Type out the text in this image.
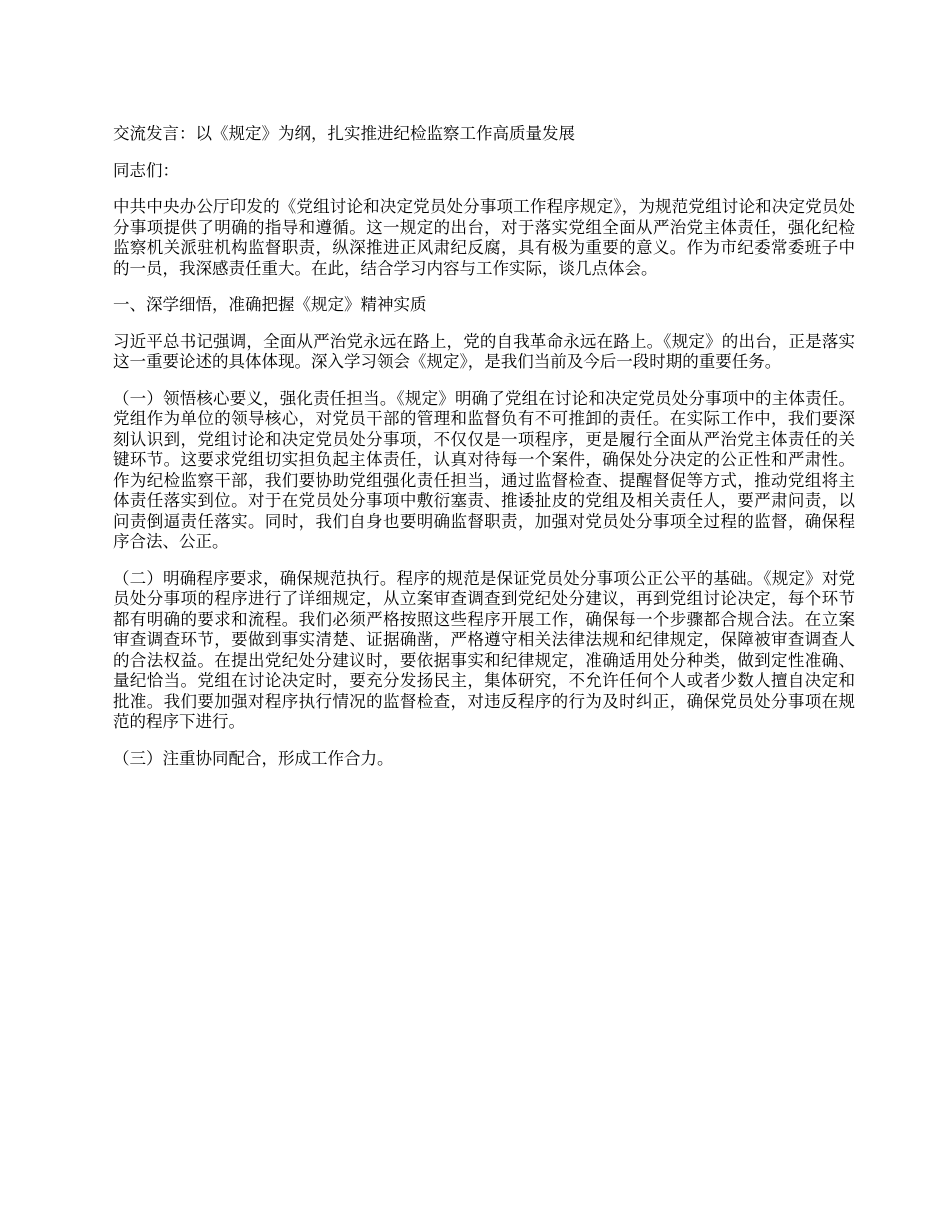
交流发言：以《规定》为纲，扎实推进纪检监察工作高质量发展

同志们：

中共中央办公厅印发的《党组讨论和决定党员处分事项工作程序规定》，为规范党组讨论和决定党员处分事项提供了明确的指导和遵循。这一规定的出台，对于落实党组全面从严治党主体责任，强化纪检监察机关派驻机构监督职责，纵深推进正风肃纪反腐，具有极为重要的意义。作为市纪委常委班子中的一员，我深感责任重大。在此，结合学习内容与工作实际，谈几点体会。

一、深学细悟，准确把握《规定》精神实质

习近平总书记强调，全面从严治党永远在路上，党的自我革命永远在路上。《规定》的出台，正是落实这一重要论述的具体体现。深入学习领会《规定》，是我们当前及今后一段时期的重要任务。

（一）领悟核心要义，强化责任担当。《规定》明确了党组在讨论和决定党员处分事项中的主体责任。党组作为单位的领导核心，对党员干部的管理和监督负有不可推卸的责任。在实际工作中，我们要深刻认识到，党组讨论和决定党员处分事项，不仅仅是一项程序，更是履行全面从严治党主体责任的关键环节。这要求党组切实担负起主体责任，认真对待每一个案件，确保处分决定的公正性和严肃性。作为纪检监察干部，我们要协助党组强化责任担当，通过监督检查、提醒督促等方式，推动党组将主体责任落实到位。对于在党员处分事项中敷衍塞责、推诿扯皮的党组及相关责任人，要严肃问责，以问责倒逼责任落实。同时，我们自身也要明确监督职责，加强对党员处分事项全过程的监督，确保程序合法、公正。

（二）明确程序要求，确保规范执行。程序的规范是保证党员处分事项公正公平的基础。《规定》对党员处分事项的程序进行了详细规定，从立案审查调查到党纪处分建议，再到党组讨论决定，每个环节都有明确的要求和流程。我们必须严格按照这些程序开展工作，确保每一个步骤都合规合法。在立案审查调查环节，要做到事实清楚、证据确凿，严格遵守相关法律法规和纪律规定，保障被审查调查人的合法权益。在提出党纪处分建议时，要依据事实和纪律规定，准确适用处分种类，做到定性准确、量纪恰当。党组在讨论决定时，要充分发扬民主，集体研究，不允许任何个人或者少数人擅自决定和批准。我们要加强对程序执行情况的监督检查，对违反程序的行为及时纠正，确保党员处分事项在规范的程序下进行。

（三）注重协同配合，形成工作合力。
